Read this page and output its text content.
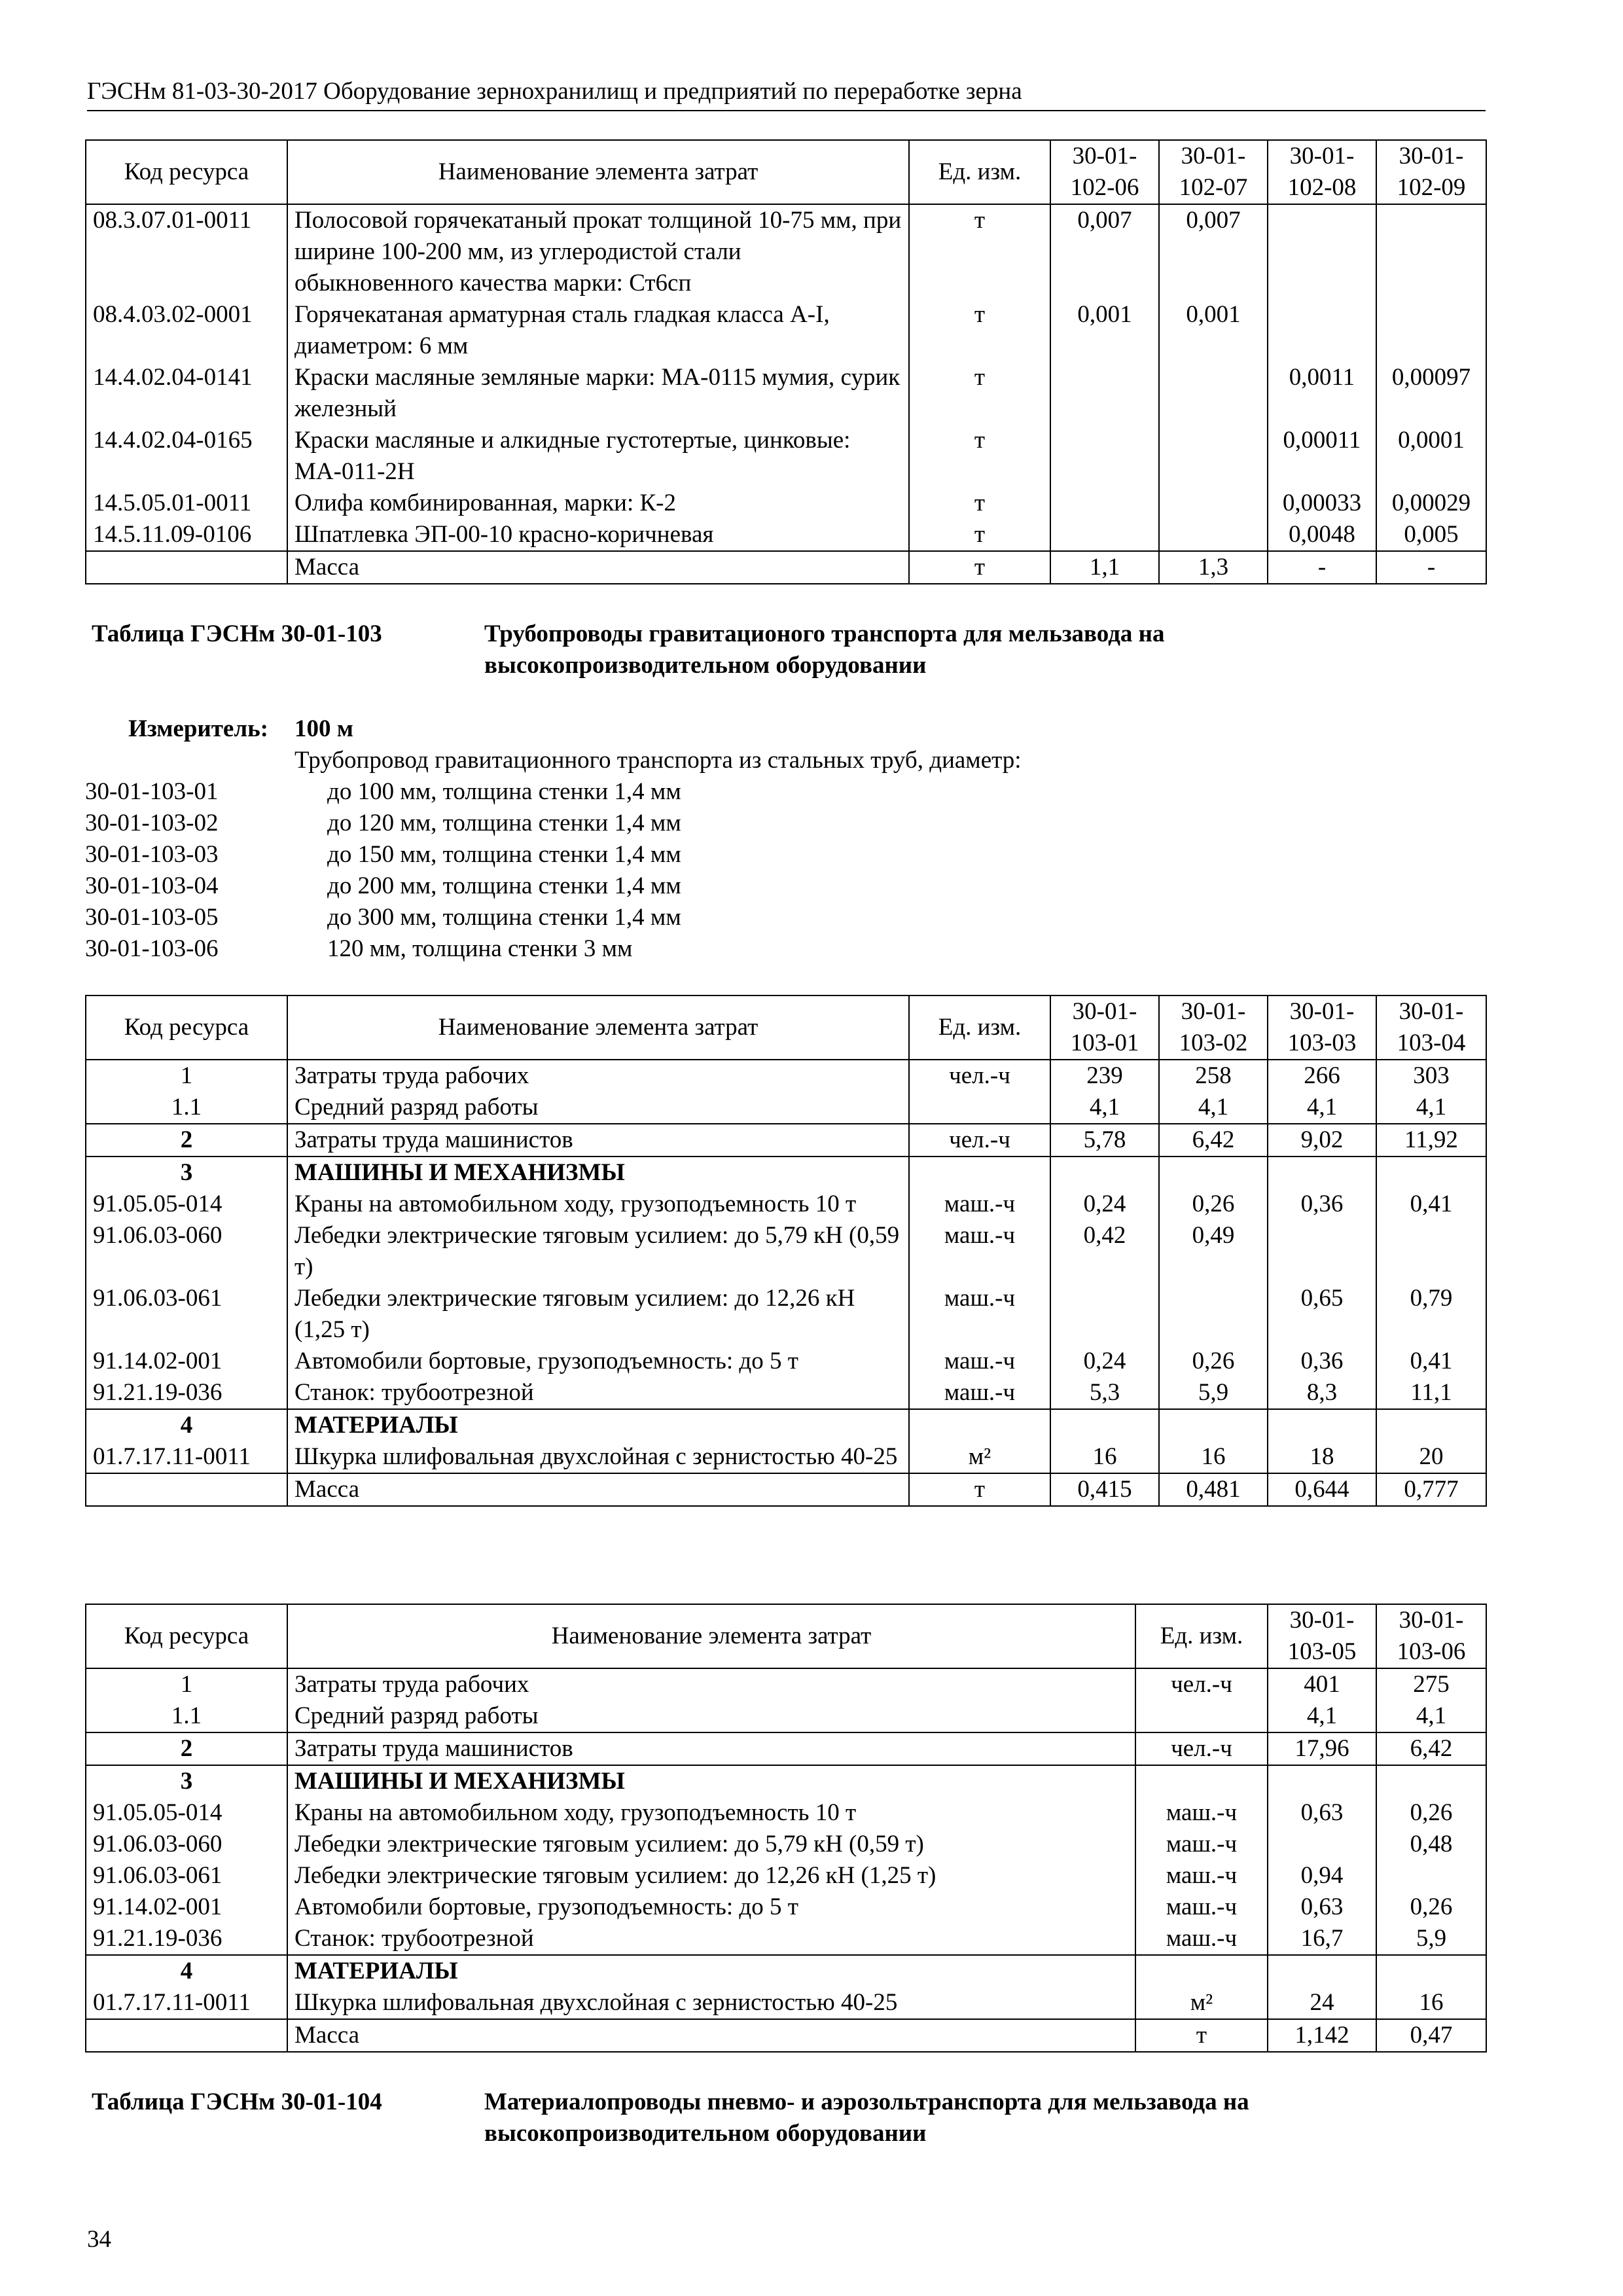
ГЭСНм 81-03-30-2017 Оборудование зернохранилищ и предприятий по переработке зерна
Код ресурса	Наименование элемента затрат	Ед. изм.	30-01-102-06	30-01-102-07	30-01-102-08	30-01-102-09
08.3.07.01-0011	Полосовой горячекатаный прокат толщиной 10-75 мм, при ширине 100-200 мм, из углеродистой стали обыкновенного качества марки: Ст6сп	т	0,007	0,007		
08.4.03.02-0001	Горячекатаная арматурная сталь гладкая класса А-I, диаметром: 6 мм	т	0,001	0,001		
14.4.02.04-0141	Краски масляные земляные марки: МА-0115 мумия, сурик железный	т			0,0011	0,00097
14.4.02.04-0165	Краски масляные и алкидные густотертые, цинковые: МА-011-2Н	т			0,00011	0,0001
14.5.05.01-0011	Олифа комбинированная, марки: К-2	т			0,00033	0,00029
14.5.11.09-0106	Шпатлевка ЭП-00-10 красно-коричневая	т			0,0048	0,005
	Масса	т	1,1	1,3	-	-
Таблица ГЭСНм 30-01-103	Трубопроводы гравитационого транспорта для мельзавода на
высокопроизводительном оборудовании
Измеритель:	100 м
Трубопровод гравитационного транспорта из стальных труб, диаметр:
30-01-103-01	до 100 мм, толщина стенки 1,4 мм
30-01-103-02	до 120 мм, толщина стенки 1,4 мм
30-01-103-03	до 150 мм, толщина стенки 1,4 мм
30-01-103-04	до 200 мм, толщина стенки 1,4 мм
30-01-103-05	до 300 мм, толщина стенки 1,4 мм
30-01-103-06	120 мм, толщина стенки 3 мм
Код ресурса	Наименование элемента затрат	Ед. изм.	30-01-103-01	30-01-103-02	30-01-103-03	30-01-103-04
1	Затраты труда рабочих	чел.-ч	239	258	266	303
1.1	Средний разряд работы		4,1	4,1	4,1	4,1
2	Затраты труда машинистов	чел.-ч	5,78	6,42	9,02	11,92
3	МАШИНЫ И МЕХАНИЗМЫ					
91.05.05-014	Краны на автомобильном ходу, грузоподъемность 10 т	маш.-ч	0,24	0,26	0,36	0,41
91.06.03-060	Лебедки электрические тяговым усилием: до 5,79 кН (0,59 т)	маш.-ч	0,42	0,49		
91.06.03-061	Лебедки электрические тяговым усилием: до 12,26 кН (1,25 т)	маш.-ч			0,65	0,79
91.14.02-001	Автомобили бортовые, грузоподъемность: до 5 т	маш.-ч	0,24	0,26	0,36	0,41
91.21.19-036	Станок: трубоотрезной	маш.-ч	5,3	5,9	8,3	11,1
4	МАТЕРИАЛЫ					
01.7.17.11-0011	Шкурка шлифовальная двухслойная с зернистостью 40-25	м²	16	16	18	20
	Масса	т	0,415	0,481	0,644	0,777
Код ресурса	Наименование элемента затрат	Ед. изм.	30-01-103-05	30-01-103-06
1	Затраты труда рабочих	чел.-ч	401	275
1.1	Средний разряд работы		4,1	4,1
2	Затраты труда машинистов	чел.-ч	17,96	6,42
3	МАШИНЫ И МЕХАНИЗМЫ			
91.05.05-014	Краны на автомобильном ходу, грузоподъемность 10 т	маш.-ч	0,63	0,26
91.06.03-060	Лебедки электрические тяговым усилием: до 5,79 кН (0,59 т)	маш.-ч		0,48
91.06.03-061	Лебедки электрические тяговым усилием: до 12,26 кН (1,25 т)	маш.-ч	0,94	
91.14.02-001	Автомобили бортовые, грузоподъемность: до 5 т	маш.-ч	0,63	0,26
91.21.19-036	Станок: трубоотрезной	маш.-ч	16,7	5,9
4	МАТЕРИАЛЫ			
01.7.17.11-0011	Шкурка шлифовальная двухслойная с зернистостью 40-25	м²	24	16
	Масса	т	1,142	0,47
Таблица ГЭСНм 30-01-104	Материалопроводы пневмо- и аэрозольтранспорта для мельзавода на
высокопроизводительном оборудовании
34
